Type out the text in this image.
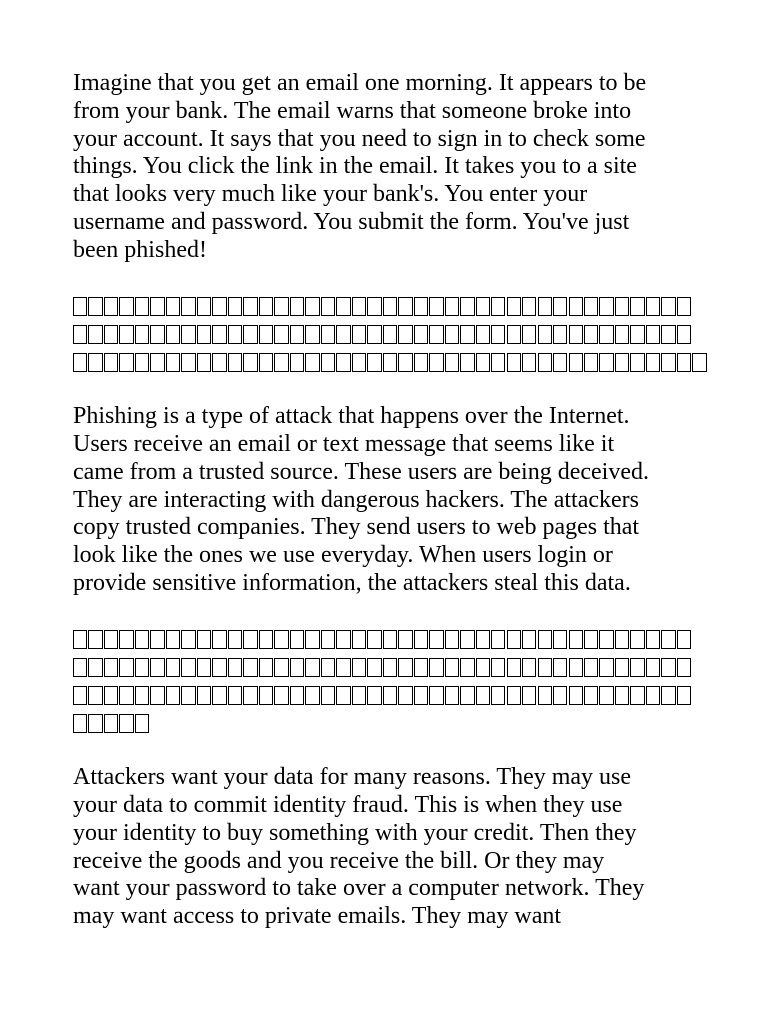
Imagine that you get an email one morning. It appears to be
from your bank. The email warns that someone broke into
your account. It says that you need to sign in to check some
things. You click the link in the email. It takes you to a site
that looks very much like your bank's. You enter your
username and password. You submit the form. You've just
been phished!
Phishing is a type of attack that happens over the Internet.
Users receive an email or text message that seems like it
came from a trusted source. These users are being deceived.
They are interacting with dangerous hackers. The attackers
copy trusted companies. They send users to web pages that
look like the ones we use everyday. When users login or
provide sensitive information, the attackers steal this data.
Attackers want your data for many reasons. They may use
your data to commit identity fraud. This is when they use
your identity to buy something with your credit. Then they
receive the goods and you receive the bill. Or they may
want your password to take over a computer network. They
may want access to private emails. They may want
